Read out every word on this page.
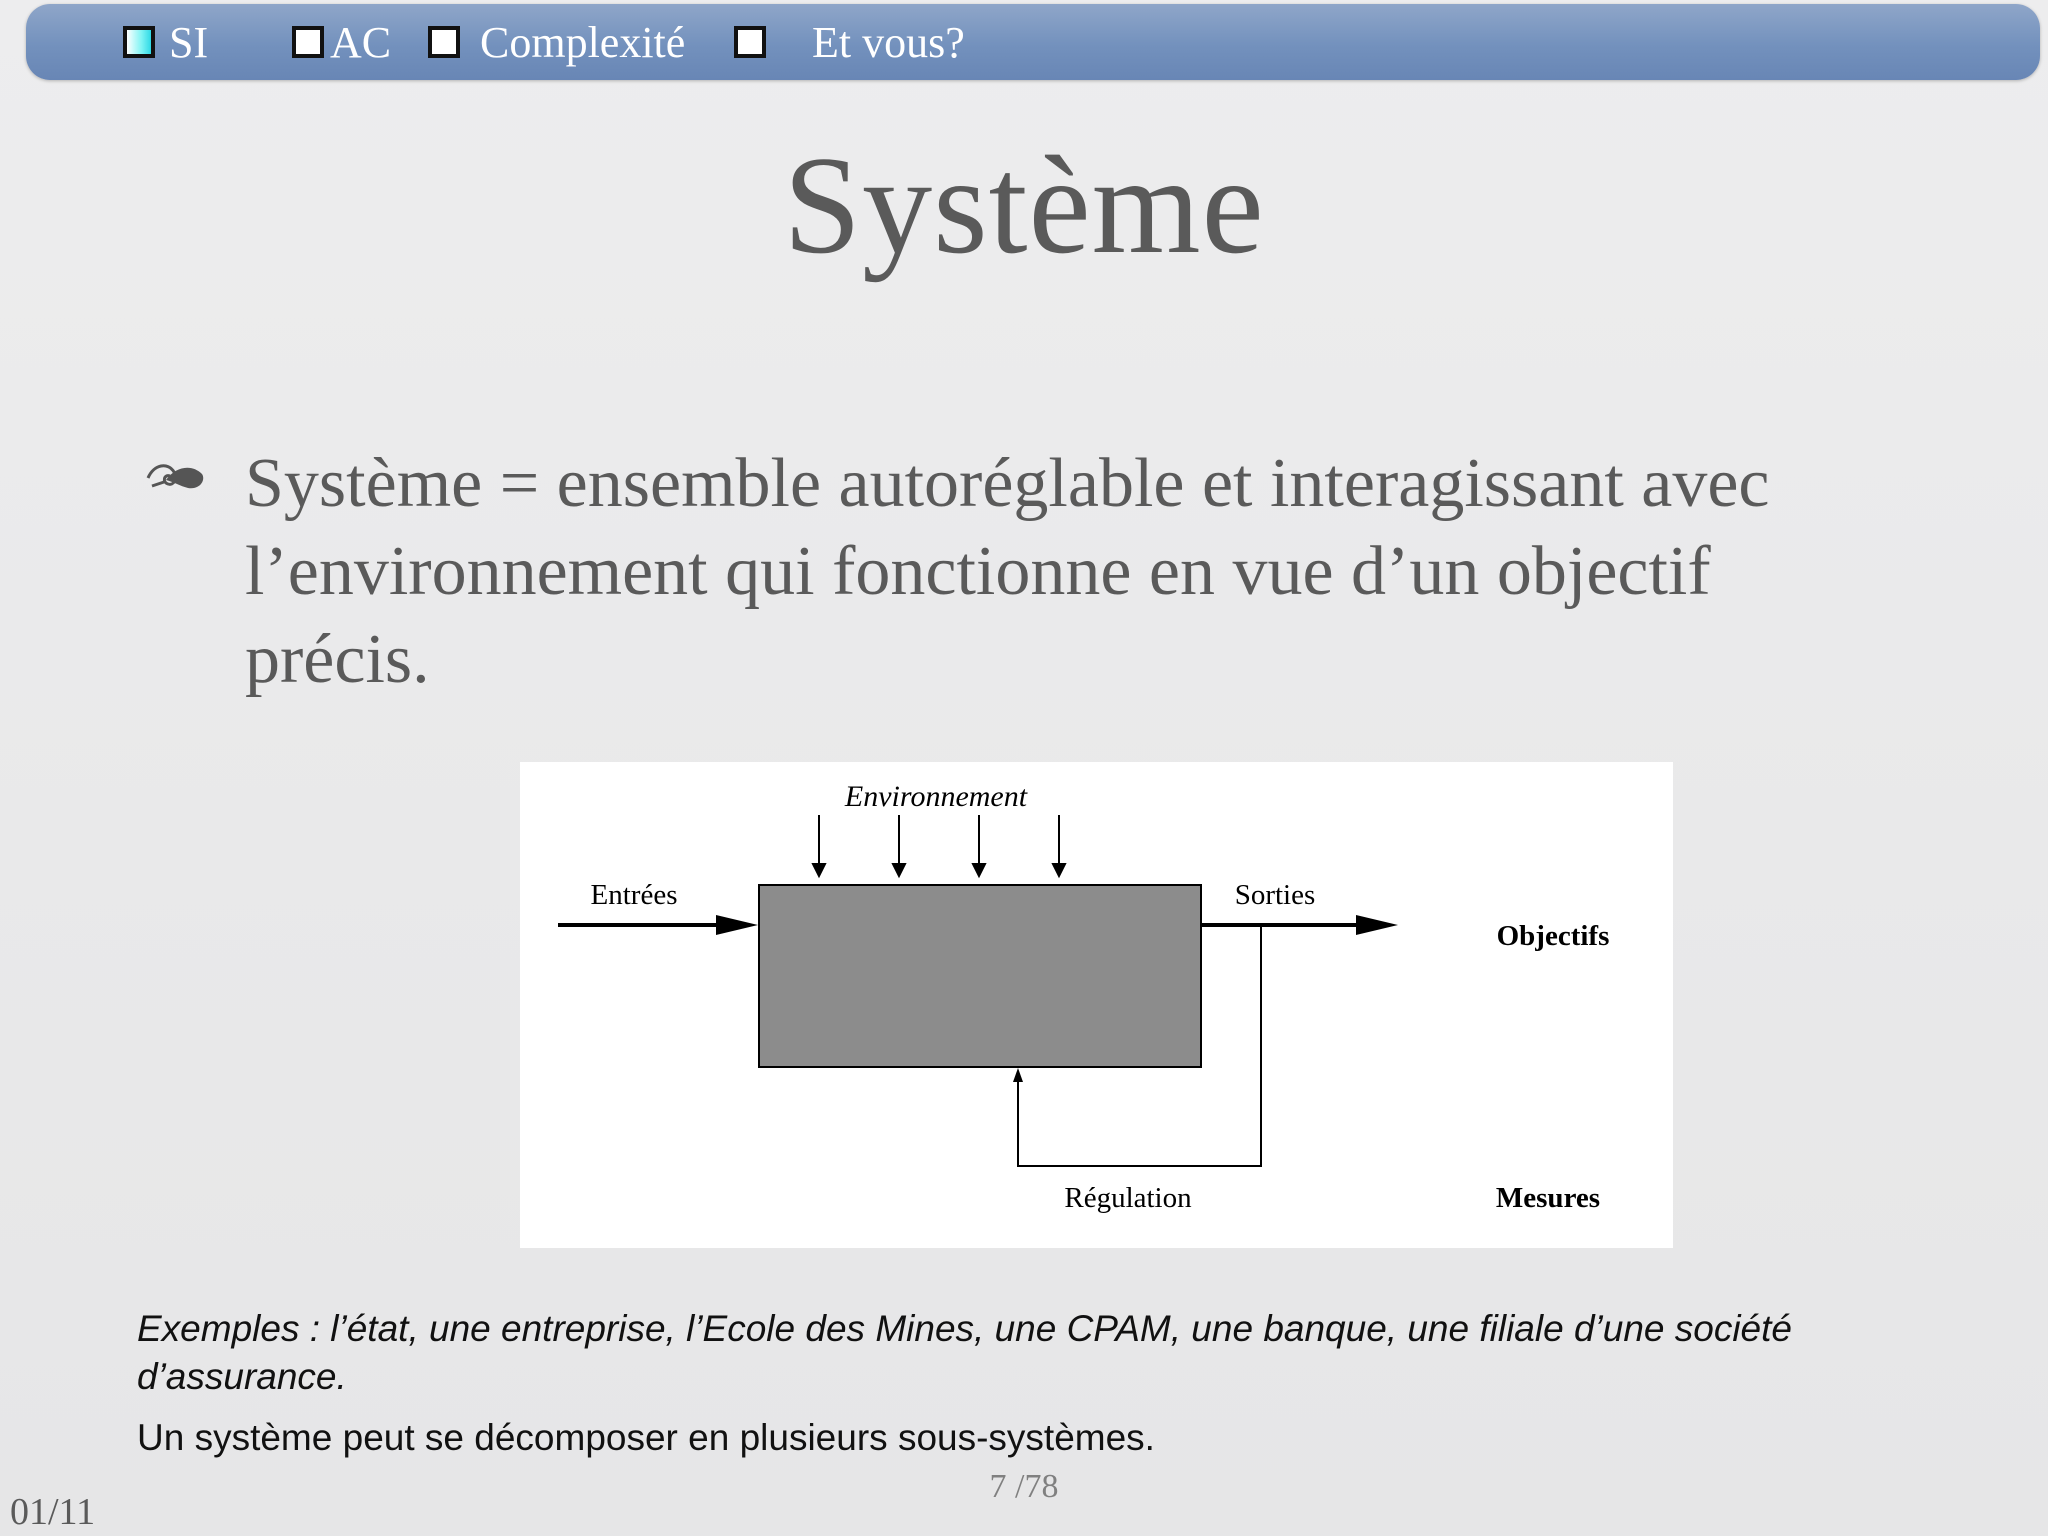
SI	AC Complexité	Et vous?
Système
Système = ensemble autoréglable et interagissant avec l’environnement qui fonctionne en vue d’un objectif précis.
Environnement
Entrées	Sorties
Objectifs
Régulation	Mesures
Exemples : l’état, une entreprise, l’Ecole des Mines, une CPAM, une banque, une filiale d’une société d’assurance.
Un système peut se décomposer en plusieurs sous-systèmes.
7 /78
01/11
